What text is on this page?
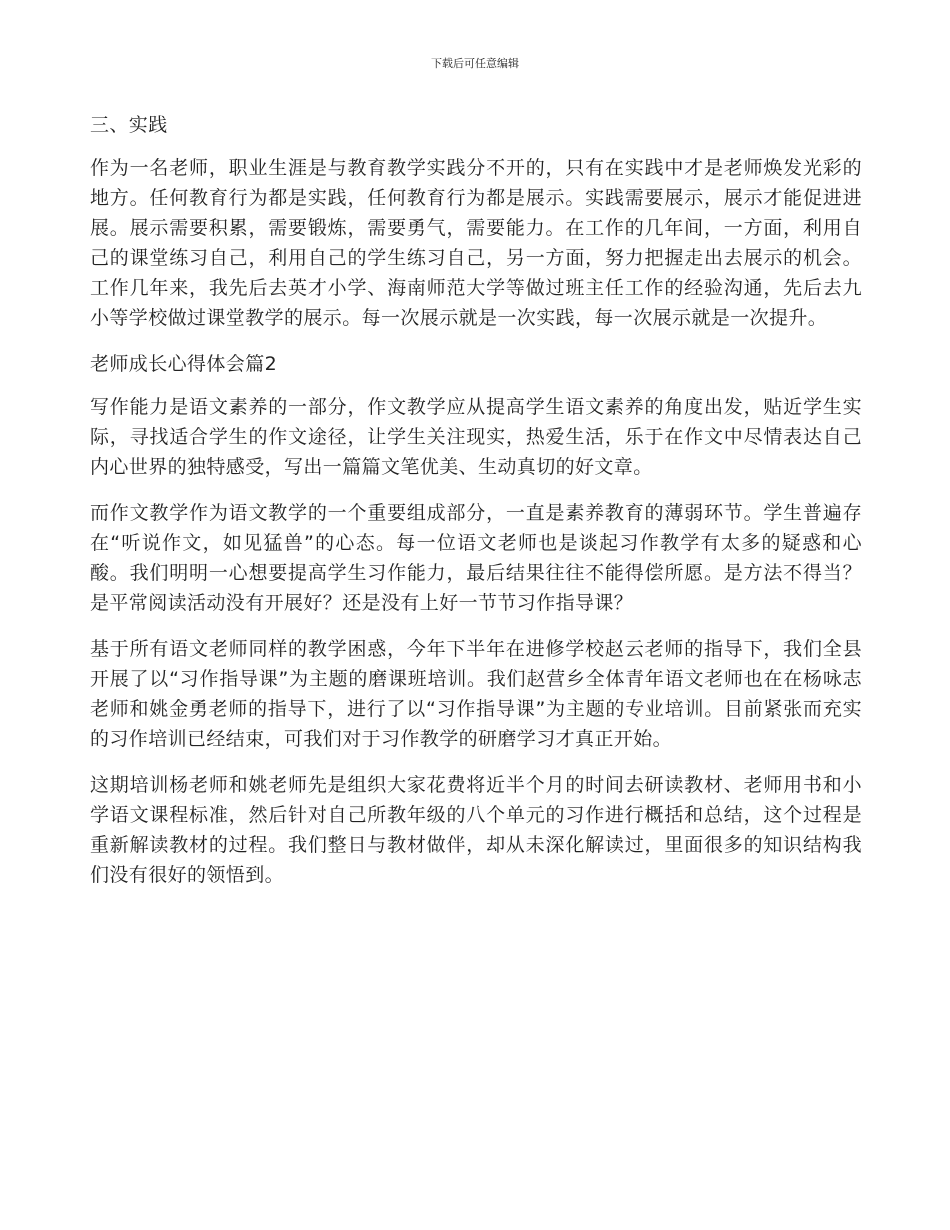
下载后可任意编辑

三、实践

作为一名老师，职业生涯是与教育教学实践分不开的，只有在实践中才是老师焕发光彩的地方。任何教育行为都是实践，任何教育行为都是展示。实践需要展示，展示才能促进进展。展示需要积累，需要锻炼，需要勇气，需要能力。在工作的几年间，一方面，利用自己的课堂练习自己，利用自己的学生练习自己，另一方面，努力把握走出去展示的机会。工作几年来，我先后去英才小学、海南师范大学等做过班主任工作的经验沟通，先后去九小等学校做过课堂教学的展示。每一次展示就是一次实践，每一次展示就是一次提升。

老师成长心得体会篇2

写作能力是语文素养的一部分，作文教学应从提高学生语文素养的角度出发，贴近学生实际，寻找适合学生的作文途径，让学生关注现实，热爱生活，乐于在作文中尽情表达自己内心世界的独特感受，写出一篇篇文笔优美、生动真切的好文章。

而作文教学作为语文教学的一个重要组成部分，一直是素养教育的薄弱环节。学生普遍存在“听说作文，如见猛兽”的心态。每一位语文老师也是谈起习作教学有太多的疑惑和心酸。我们明明一心想要提高学生习作能力，最后结果往往不能得偿所愿。是方法不得当？是平常阅读活动没有开展好？还是没有上好一节节习作指导课？

基于所有语文老师同样的教学困惑，今年下半年在进修学校赵云老师的指导下，我们全县开展了以“习作指导课”为主题的磨课班培训。我们赵营乡全体青年语文老师也在在杨咏志老师和姚金勇老师的指导下，进行了以“习作指导课”为主题的专业培训。目前紧张而充实的习作培训已经结束，可我们对于习作教学的研磨学习才真正开始。

这期培训杨老师和姚老师先是组织大家花费将近半个月的时间去研读教材、老师用书和小学语文课程标准，然后针对自己所教年级的八个单元的习作进行概括和总结，这个过程是重新解读教材的过程。我们整日与教材做伴，却从未深化解读过，里面很多的知识结构我们没有很好的领悟到。
